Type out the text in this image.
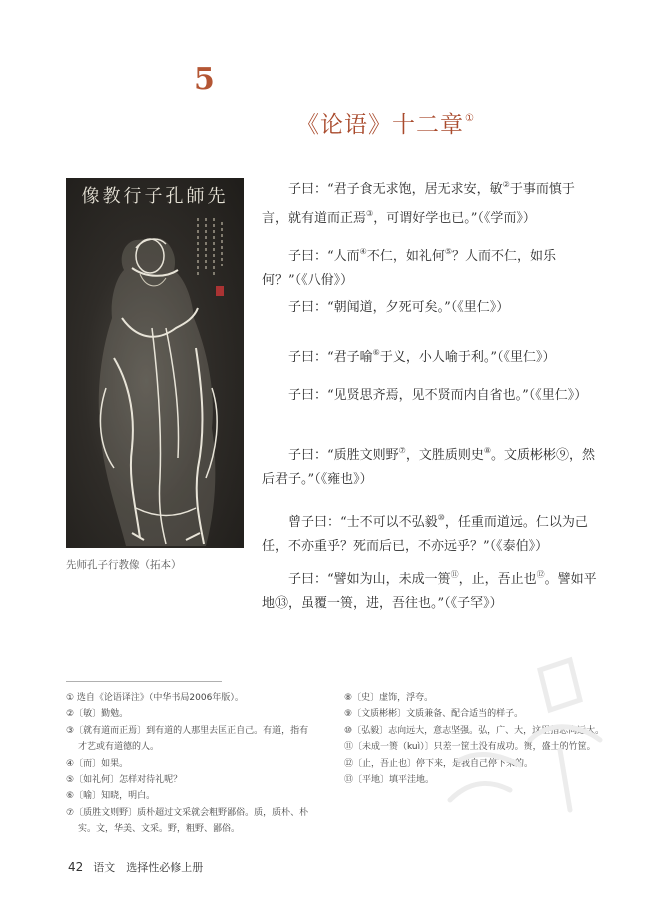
5
《论语》十二章①
像教行子孔師先
先师孔子行教像（拓本）
子曰：“君子食无求饱，居无求安，敏②于事而慎于言，就有道而正焉③，可谓好学也已。”（《学而》）
子曰：“人而④不仁，如礼何⑤？人而不仁，如乐何？”（《八佾》）
子曰：“朝闻道，夕死可矣。”（《里仁》）
子曰：“君子喻⑥于义，小人喻于利。”（《里仁》）
子曰：“见贤思齐焉，见不贤而内自省也。”（《里仁》）
子曰：“质胜文则野⑦，文胜质则史⑧。文质彬彬⑨，然后君子。”（《雍也》）
曾子曰：“士不可以不弘毅⑩，任重而道远。仁以为己任，不亦重乎？死而后已，不亦远乎？”（《泰伯》）
子曰：“譬如为山，未成一篑⑪，止，吾止也⑫。譬如平地⑬，虽覆一篑，进，吾往也。”（《子罕》）
① 选自《论语译注》（中华书局2006年版）。
②〔敏〕勤勉。
③〔就有道而正焉〕到有道的人那里去匡正自己。有道，指有才艺或有道德的人。
④〔而〕如果。
⑤〔如礼何〕怎样对待礼呢？
⑥〔喻〕知晓，明白。
⑦〔质胜文则野〕质朴超过文采就会粗野鄙俗。质，质朴、朴实。文，华美、文采。野，粗野、鄙俗。
⑧〔史〕虚饰，浮夸。
⑨〔文质彬彬〕文质兼备、配合适当的样子。
⑩〔弘毅〕志向远大，意志坚强。弘，广、大，这里指志向远大。
⑪〔未成一篑（kuì）〕只差一筐土没有成功。篑，盛土的竹筐。
⑫〔止，吾止也〕停下来，是我自己停下来的。
⑬〔平地〕填平洼地。
42 语文　选择性必修上册
